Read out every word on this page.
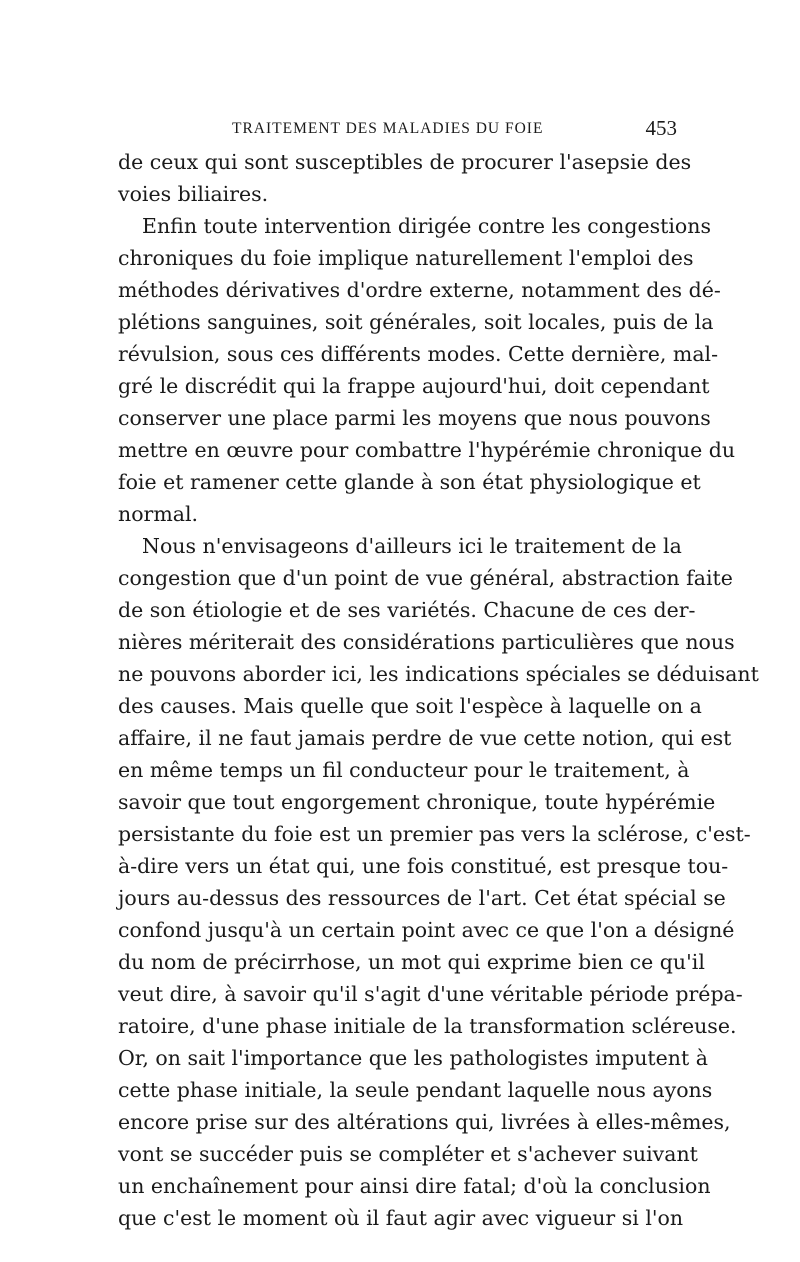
TRAITEMENT DES MALADIES DU FOIE	453
de ceux qui sont susceptibles de procurer l'asepsie des
voies biliaires.
Enfin toute intervention dirigée contre les congestions
chroniques du foie implique naturellement l'emploi des
méthodes dérivatives d'ordre externe, notamment des dé-
plétions sanguines, soit générales, soit locales, puis de la
révulsion, sous ces différents modes. Cette dernière, mal-
gré le discrédit qui la frappe aujourd'hui, doit cependant
conserver une place parmi les moyens que nous pouvons
mettre en œuvre pour combattre l'hypérémie chronique du
foie et ramener cette glande à son état physiologique et
normal.
Nous n'envisageons d'ailleurs ici le traitement de la
congestion que d'un point de vue général, abstraction faite
de son étiologie et de ses variétés. Chacune de ces der-
nières mériterait des considérations particulières que nous
ne pouvons aborder ici, les indications spéciales se déduisant
des causes. Mais quelle que soit l'espèce à laquelle on a
affaire, il ne faut jamais perdre de vue cette notion, qui est
en même temps un fil conducteur pour le traitement, à
savoir que tout engorgement chronique, toute hypérémie
persistante du foie est un premier pas vers la sclérose, c'est-
à-dire vers un état qui, une fois constitué, est presque tou-
jours au-dessus des ressources de l'art. Cet état spécial se
confond jusqu'à un certain point avec ce que l'on a désigné
du nom de précirrhose, un mot qui exprime bien ce qu'il
veut dire, à savoir qu'il s'agit d'une véritable période prépa-
ratoire, d'une phase initiale de la transformation scléreuse.
Or, on sait l'importance que les pathologistes imputent à
cette phase initiale, la seule pendant laquelle nous ayons
encore prise sur des altérations qui, livrées à elles-mêmes,
vont se succéder puis se compléter et s'achever suivant
un enchaînement pour ainsi dire fatal; d'où la conclusion
que c'est le moment où il faut agir avec vigueur si l'on
